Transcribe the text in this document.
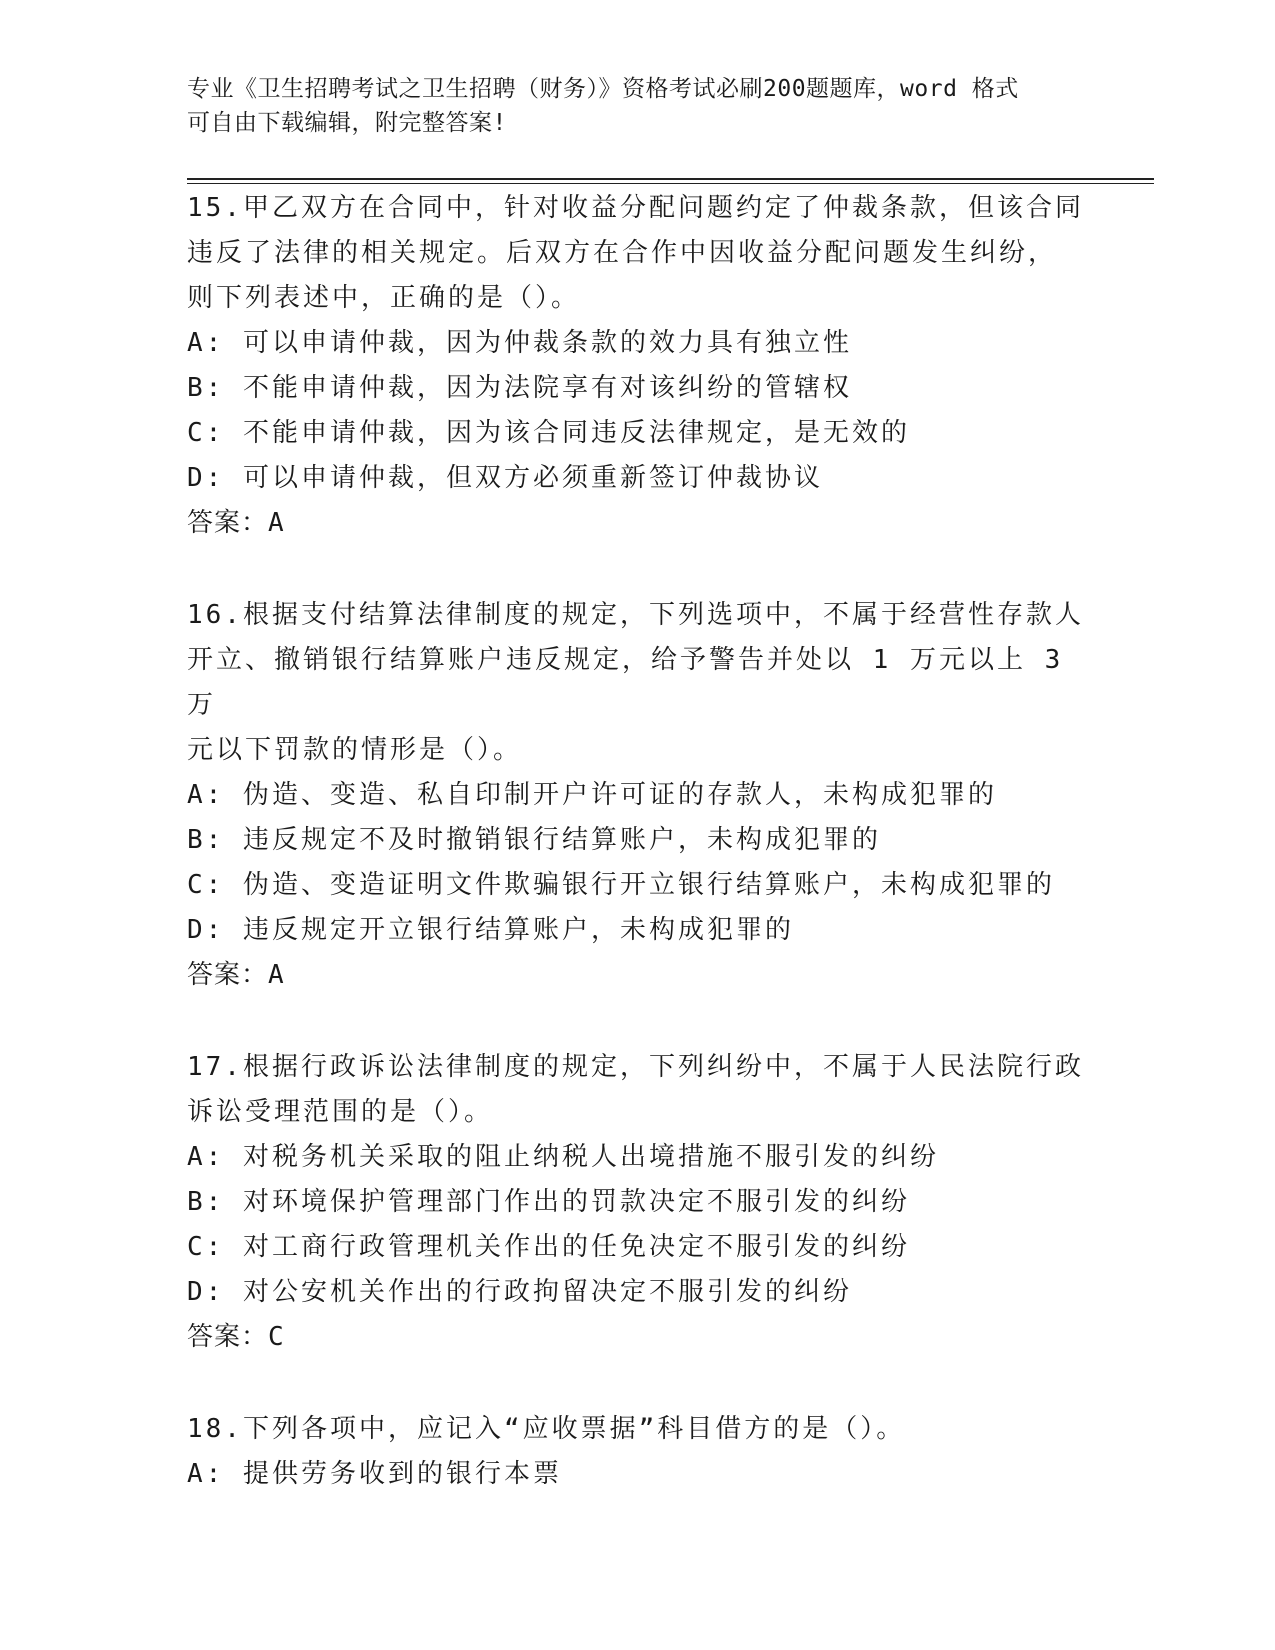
专业《卫生招聘考试之卫生招聘（财务）》资格考试必刷200题题库，word 格式
可自由下载编辑，附完整答案!
15.甲乙双方在合同中，针对收益分配问题约定了仲裁条款，但该合同
违反了法律的相关规定。后双方在合作中因收益分配问题发生纠纷，
则下列表述中，正确的是（）。
A: 可以申请仲裁，因为仲裁条款的效力具有独立性
B: 不能申请仲裁，因为法院享有对该纠纷的管辖权
C: 不能申请仲裁，因为该合同违反法律规定，是无效的
D: 可以申请仲裁，但双方必须重新签订仲裁协议
答案：A
16.根据支付结算法律制度的规定，下列选项中，不属于经营性存款人
开立、撤销银行结算账户违反规定，给予警告并处以 1 万元以上 3 万
元以下罚款的情形是（）。
A: 伪造、变造、私自印制开户许可证的存款人，未构成犯罪的
B: 违反规定不及时撤销银行结算账户，未构成犯罪的
C: 伪造、变造证明文件欺骗银行开立银行结算账户，未构成犯罪的
D: 违反规定开立银行结算账户，未构成犯罪的
答案：A
17.根据行政诉讼法律制度的规定，下列纠纷中，不属于人民法院行政
诉讼受理范围的是（）。
A: 对税务机关采取的阻止纳税人出境措施不服引发的纠纷
B: 对环境保护管理部门作出的罚款决定不服引发的纠纷
C: 对工商行政管理机关作出的任免决定不服引发的纠纷
D: 对公安机关作出的行政拘留决定不服引发的纠纷
答案：C
18.下列各项中，应记入“应收票据”科目借方的是（）。
A: 提供劳务收到的银行本票
